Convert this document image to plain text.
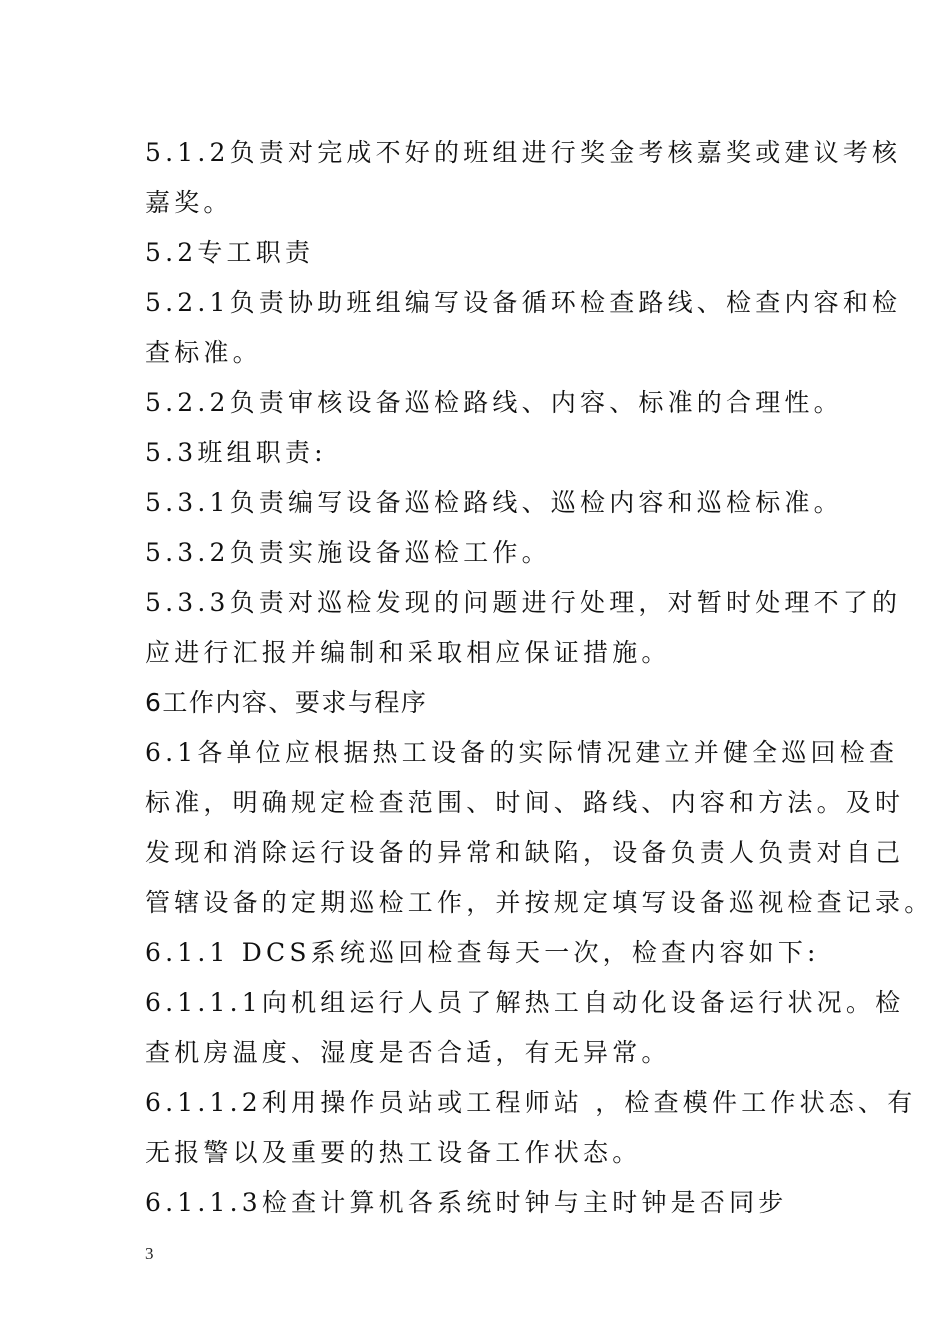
5.1.2负责对完成不好的班组进行奖金考核嘉奖或建议考核
嘉奖。
5.2专工职责
5.2.1负责协助班组编写设备循环检查路线、检查内容和检
查标准。
5.2.2负责审核设备巡检路线、内容、标准的合理性。
5.3班组职责:
5.3.1负责编写设备巡检路线、巡检内容和巡检标准。
5.3.2负责实施设备巡检工作。
5.3.3负责对巡检发现的问题进行处理，对暂时处理不了的
应进行汇报并编制和采取相应保证措施。
6工作内容、要求与程序
6.1各单位应根据热工设备的实际情况建立并健全巡回检查
标准，明确规定检查范围、时间、路线、内容和方法。及时
发现和消除运行设备的异常和缺陷，设备负责人负责对自己
管辖设备的定期巡检工作，并按规定填写设备巡视检查记录。
6.1.1 DCS系统巡回检查每天一次，检查内容如下:
6.1.1.1向机组运行人员了解热工自动化设备运行状况。检
查机房温度、湿度是否合适，有无异常。
6.1.1.2利用操作员站或工程师站 ，检查模件工作状态、有
无报警以及重要的热工设备工作状态。
6.1.1.3检查计算机各系统时钟与主时钟是否同步
3
